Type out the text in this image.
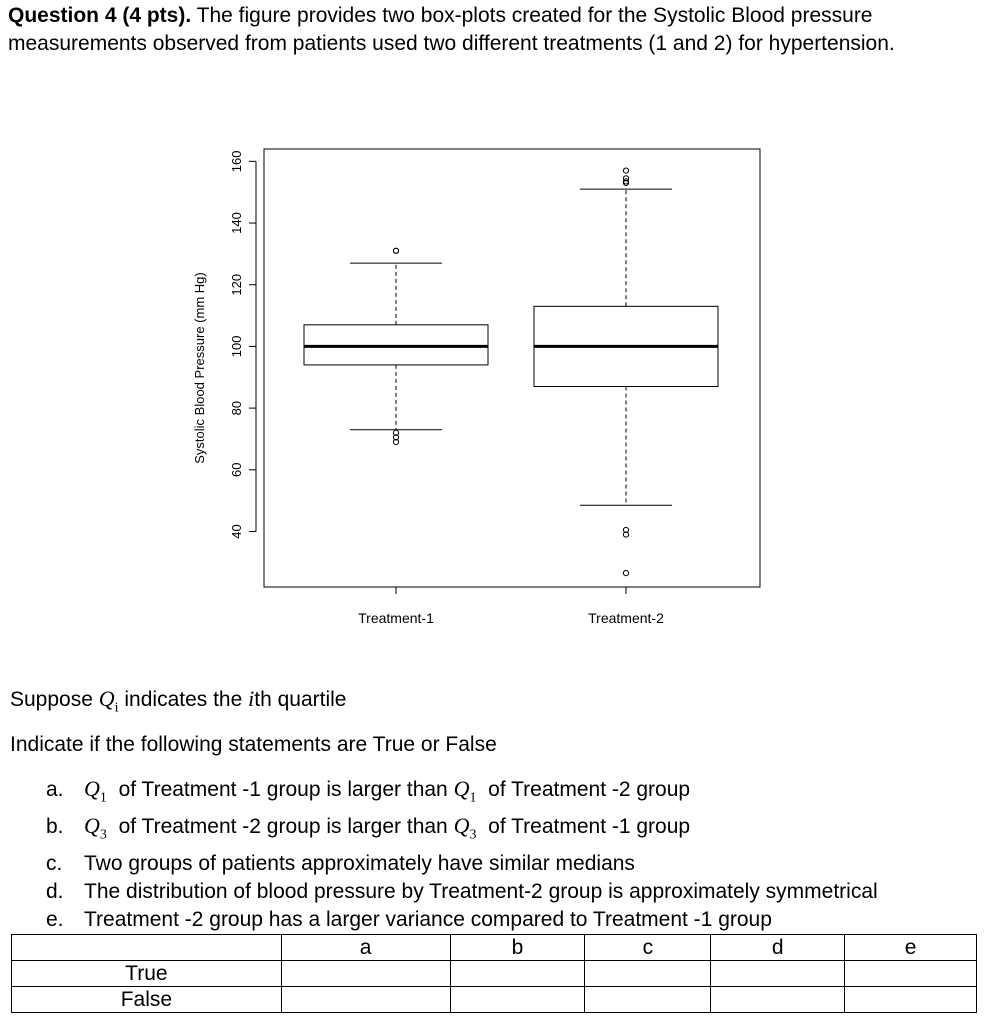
Question 4 (4 pts). The figure provides two box-plots created for the Systolic Blood pressure measurements observed from patients used two different treatments (1 and 2) for hypertension.
40
60
80
100
120
140
160
Treatment-1	Treatment-2
Systolic Blood Pressure (mm Hg)
Suppose $Q_i$ indicates the ith quartile
Indicate if the following statements are True or False
a. $Q_1$ of Treatment -1 group is larger than $Q_1$ of Treatment -2 group
b. $Q_3$ of Treatment -2 group is larger than $Q_3$ of Treatment -1 group
c. Two groups of patients approximately have similar medians
d. The distribution of blood pressure by Treatment-2 group is approximately symmetrical
e. Treatment -2 group has a larger variance compared to Treatment -1 group
	a	b	c	d	e
True					
False					
